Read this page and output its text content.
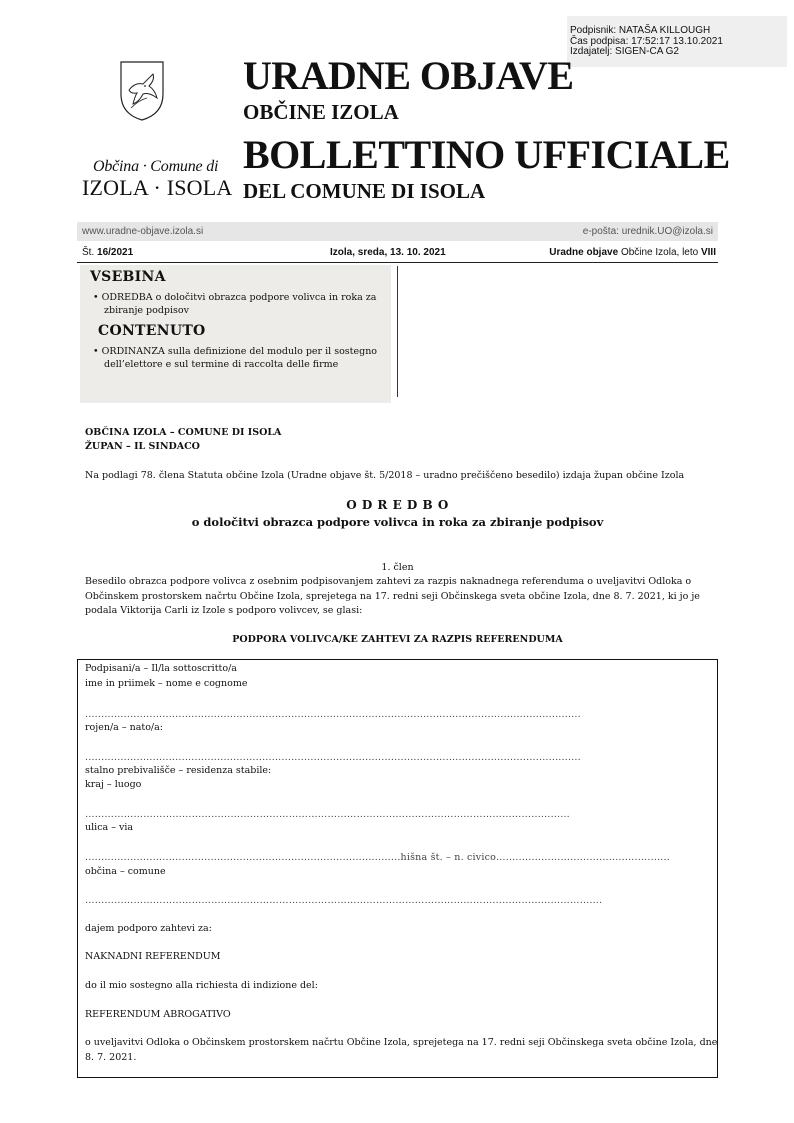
Podpisnik: NATAŠA KILLOUGH
Čas podpisa: 17:52:17 13.10.2021
Izdajatelj: SIGEN-CA G2
Občina · Comune di
IZOLA · ISOLA
URADNE OBJAVE
OBČINE IZOLA
BOLLETTINO UFFICIALE
DEL COMUNE DI ISOLA
www.uradne-objave.izola.si	e-pošta: urednik.UO@izola.si
Št. 16/2021	Izola, sreda, 13. 10. 2021	Uradne objave Občine Izola, leto VIII
VSEBINA
• ODREDBA o določitvi obrazca podpore volivca in roka za zbiranje podpisov
CONTENUTO
• ORDINANZA sulla definizione del modulo per il sostegno dell’elettore e sul termine di raccolta delle firme
OBČINA IZOLA – COMUNE DI ISOLA
ŽUPAN – IL SINDACO
Na podlagi 78. člena Statuta občine Izola (Uradne objave št. 5/2018 – uradno prečiščeno besedilo) izdaja župan občine Izola
O D R E D B O
o določitvi obrazca podpore volivca in roka za zbiranje podpisov
1. člen
Besedilo obrazca podpore volivca z osebnim podpisovanjem zahtevi za razpis naknadnega referenduma o uveljavitvi Odloka o
Občinskem prostorskem načrtu Občine Izola, sprejetega na 17. redni seji Občinskega sveta občine Izola, dne 8. 7. 2021, ki jo je
podala Viktorija Carli iz Izole s podporo volivcev, se glasi:
PODPORA VOLIVCA/KE ZAHTEVI ZA RAZPIS REFERENDUMA
Podpisani/a – Il/la sottoscritto/a
ime in priimek – nome e cognome
..........................................................................................................................................................
rojen/a – nato/a:
..........................................................................................................................................................
stalno prebivališče – residenza stabile:
kraj – luogo
……………………………………………………………………………………………………………………………………
ulica – via
..................................................................................................hišna št. – n. civico…...................................................
občina – comune
…………………………………………………………………………………………………………………………………………….
dajem podporo zahtevi za:
NAKNADNI REFERENDUM
do il mio sostegno alla richiesta di indizione del:
REFERENDUM ABROGATIVO
o uveljavitvi Odloka o Občinskem prostorskem načrtu Občine Izola, sprejetega na 17. redni seji Občinskega sveta občine Izola, dne
8. 7. 2021.
